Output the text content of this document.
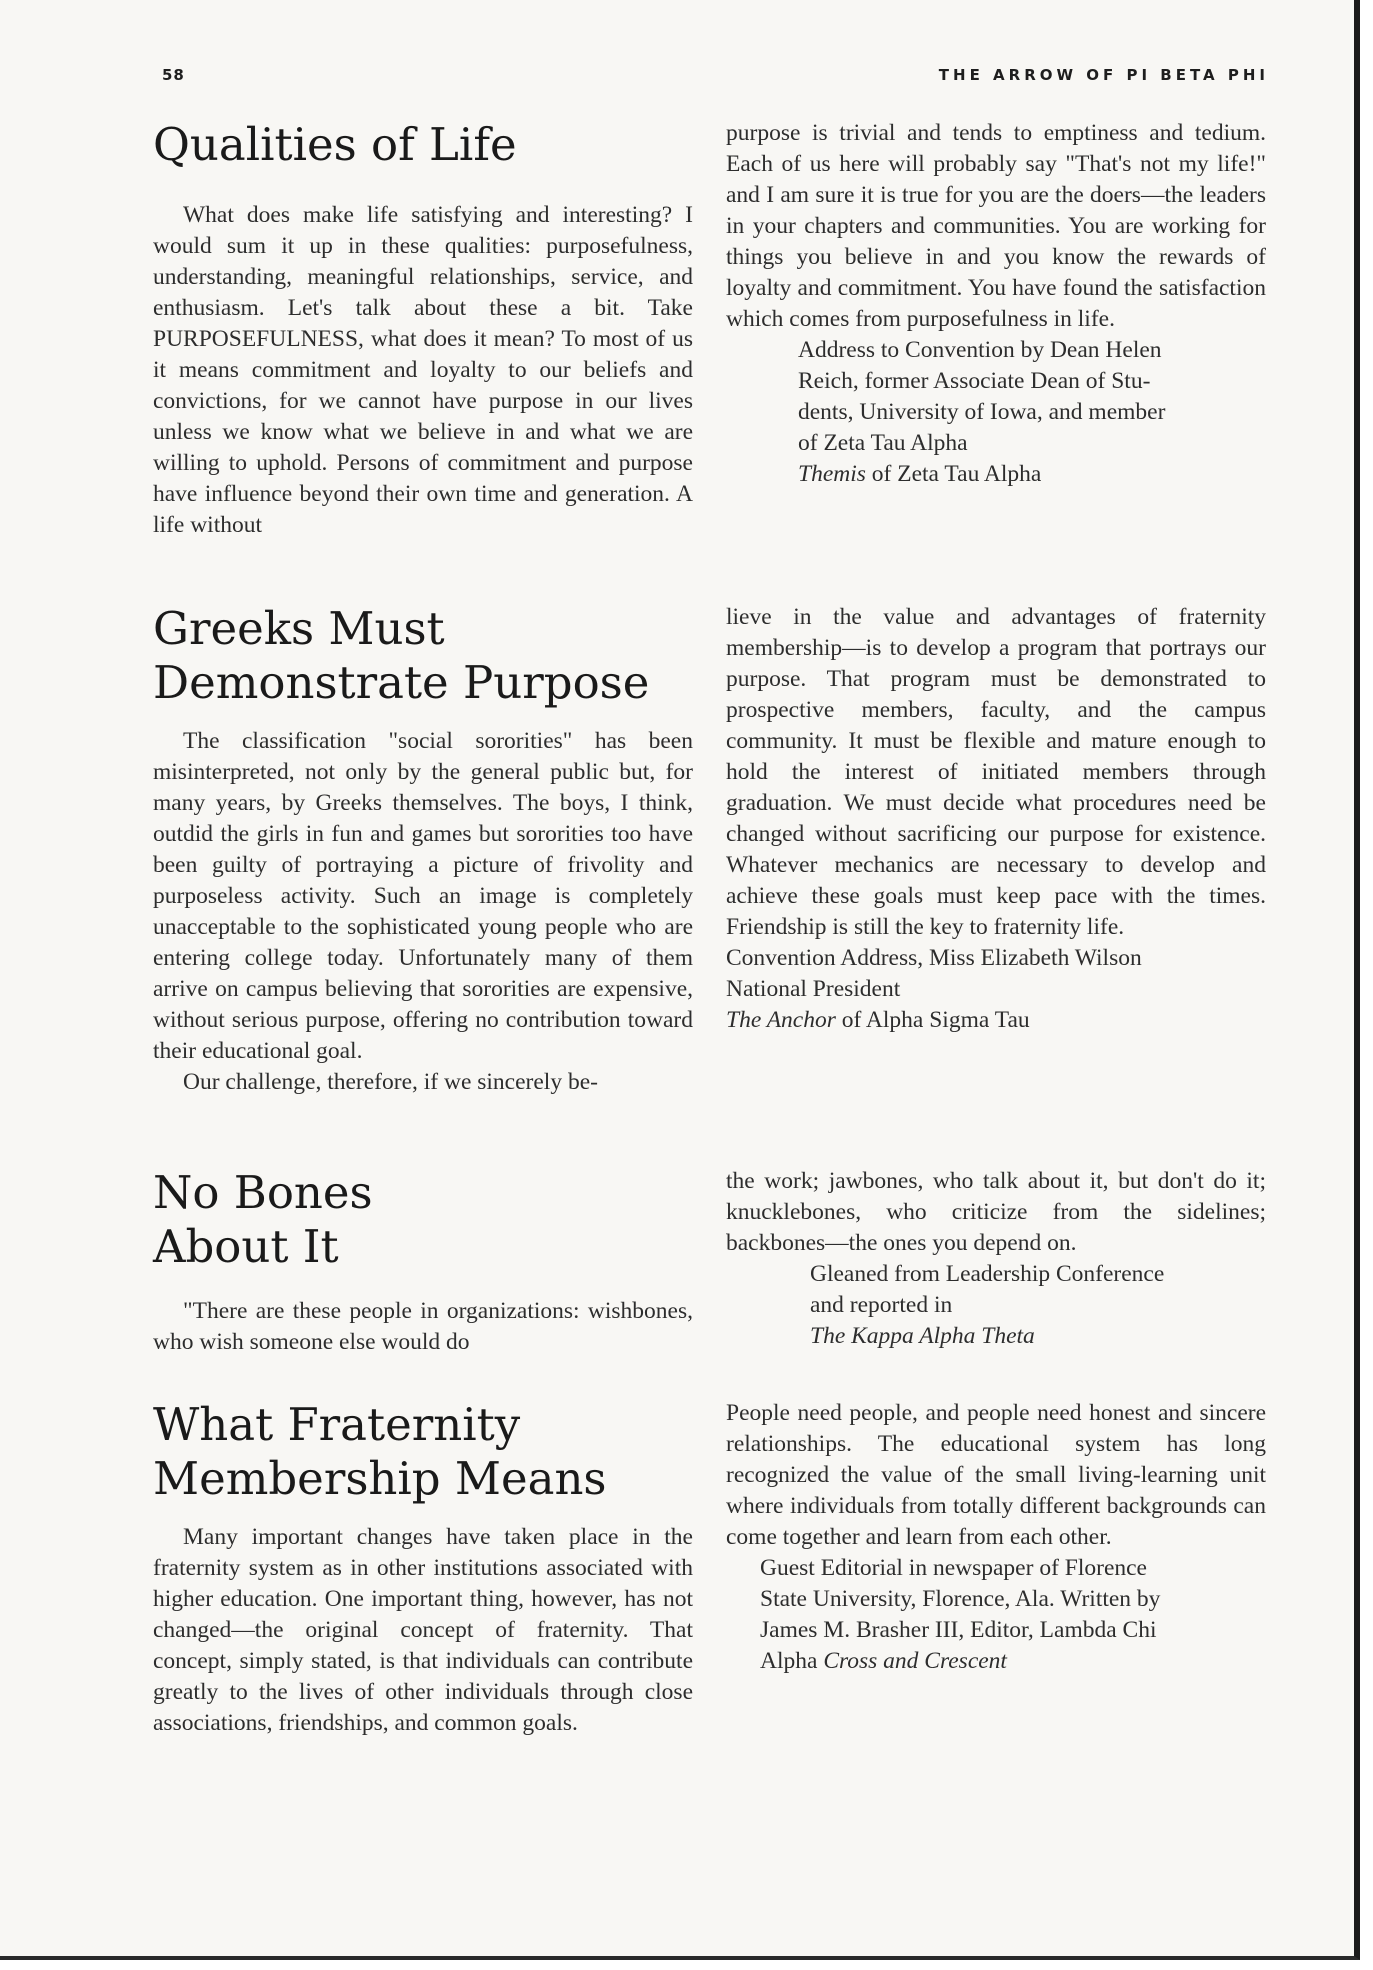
58	THE ARROW OF PI BETA PHI
Qualities of Life

What does make life satisfying and interesting? I would sum it up in these qualities: purposefulness, understanding, meaningful relationships, service, and enthusiasm. Let's talk about these a bit. Take PURPOSEFULNESS, what does it mean? To most of us it means commitment and loyalty to our beliefs and convictions, for we cannot have purpose in our lives unless we know what we believe in and what we are willing to uphold. Persons of commitment and purpose have influence beyond their own time and generation. A life without

purpose is trivial and tends to emptiness and tedium. Each of us here will probably say "That's not my life!" and I am sure it is true for you are the doers—the leaders in your chapters and communities. You are working for things you believe in and you know the rewards of loyalty and commitment. You have found the satisfaction which comes from purposefulness in life.

Address to Convention by Dean Helen
Reich, former Associate Dean of Stu-
dents, University of Iowa, and member
of Zeta Tau Alpha
Themis of Zeta Tau Alpha

Greeks Must
Demonstrate Purpose

The classification "social sororities" has been misinterpreted, not only by the general public but, for many years, by Greeks themselves. The boys, I think, outdid the girls in fun and games but sororities too have been guilty of portraying a picture of frivolity and purposeless activity. Such an image is completely unacceptable to the sophisticated young people who are entering college today. Unfortunately many of them arrive on campus believing that sororities are expensive, without serious purpose, offering no contribution toward their educational goal.

Our challenge, therefore, if we sincerely be-

lieve in the value and advantages of fraternity membership—is to develop a program that portrays our purpose. That program must be demonstrated to prospective members, faculty, and the campus community. It must be flexible and mature enough to hold the interest of initiated members through graduation. We must decide what procedures need be changed without sacrificing our purpose for existence. Whatever mechanics are necessary to develop and achieve these goals must keep pace with the times. Friendship is still the key to fraternity life.

Convention Address, Miss Elizabeth Wilson
National President
The Anchor of Alpha Sigma Tau

No Bones
About It

"There are these people in organizations: wishbones, who wish someone else would do

the work; jawbones, who talk about it, but don't do it; knucklebones, who criticize from the sidelines; backbones—the ones you depend on.

Gleaned from Leadership Conference
and reported in
The Kappa Alpha Theta

What Fraternity
Membership Means

Many important changes have taken place in the fraternity system as in other institutions associated with higher education. One important thing, however, has not changed—the original concept of fraternity. That concept, simply stated, is that individuals can contribute greatly to the lives of other individuals through close associations, friendships, and common goals.

People need people, and people need honest and sincere relationships. The educational system has long recognized the value of the small living-learning unit where individuals from totally different backgrounds can come together and learn from each other.

Guest Editorial in newspaper of Florence
State University, Florence, Ala. Written by
James M. Brasher III, Editor, Lambda Chi
Alpha Cross and Crescent
